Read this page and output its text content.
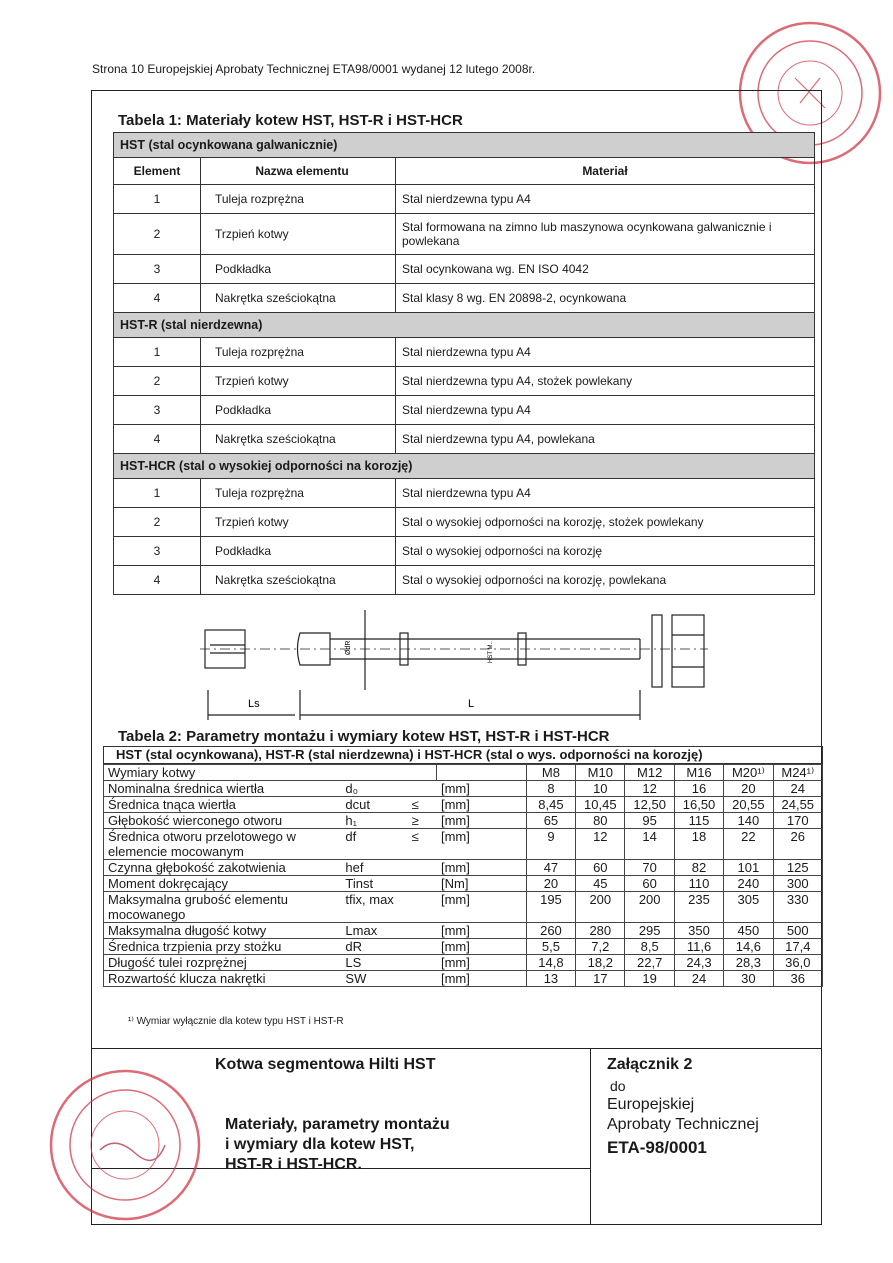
Strona 10 Europejskiej Aprobaty Technicznej ETA98/0001 wydanej 12 lutego 2008r.
Tabela 1: Materiały kotew HST, HST-R i HST-HCR
HST (stal ocynkowana galwanicznie)		
Element	Nazwa elementu	Materiał
1	Tuleja rozprężna	Stal nierdzewna typu A4
2	Trzpień kotwy	Stal formowana na zimno lub maszynowa ocynkowana galwanicznie i powlekana
3	Podkładka	Stal ocynkowana wg. EN ISO 4042
4	Nakrętka sześciokątna	Stal klasy 8 wg. EN 20898-2, ocynkowana
HST-R (stal nierdzewna)		
1	Tuleja rozprężna	Stal nierdzewna typu A4
2	Trzpień kotwy	Stal nierdzewna typu A4, stożek powlekany
3	Podkładka	Stal nierdzewna typu A4
4	Nakrętka sześciokątna	Stal nierdzewna typu A4, powlekana
HST-HCR (stal o wysokiej odporności na korozję)		
1	Tuleja rozprężna	Stal nierdzewna typu A4
2	Trzpień kotwy	Stal o wysokiej odporności na korozję, stożek powlekany
3	Podkładka	Stal o wysokiej odporności na korozję
4	Nakrętka sześciokątna	Stal o wysokiej odporności na korozję, powlekana
Ls	L
ØdR	HST M..
Tabela 2: Parametry montażu i wymiary kotew HST, HST-R i HST-HCR
HST (stal ocynkowana), HST-R (stal nierdzewna) i HST-HCR (stal o wys. odporności na korozję)
Wymiary kotwy				M8	M10	M12	M16	M20¹⁾	M24¹⁾
Nominalna średnica wiertła	d₀		[mm]	8	10	12	16	20	24
Średnica tnąca wiertła	dcut	≤	[mm]	8,45	10,45	12,50	16,50	20,55	24,55
Głębokość wierconego otworu	h₁	≥	[mm]	65	80	95	115	140	170
Średnica otworu przelotowego w elemencie mocowanym	df	≤	[mm]	9	12	14	18	22	26
Czynna głębokość zakotwienia	hef		[mm]	47	60	70	82	101	125
Moment dokręcający	Tinst		[Nm]	20	45	60	110	240	300
Maksymalna grubość elementu mocowanego	tfix, max		[mm]	195	200	200	235	305	330
Maksymalna długość kotwy	Lmax		[mm]	260	280	295	350	450	500
Średnica trzpienia przy stożku	dR		[mm]	5,5	7,2	8,5	11,6	14,6	17,4
Długość tulei rozprężnej	LS		[mm]	14,8	18,2	22,7	24,3	28,3	36,0
Rozwartość klucza nakrętki	SW		[mm]	13	17	19	24	30	36
¹⁾ Wymiar wyłącznie dla kotew typu HST i HST-R
Kotwa segmentowa Hilti HST
Materiały, parametry montażu
i wymiary dla kotew HST,
HST-R i HST-HCR.
Załącznik 2
do
Europejskiej
Aprobaty Technicznej
ETA-98/0001
